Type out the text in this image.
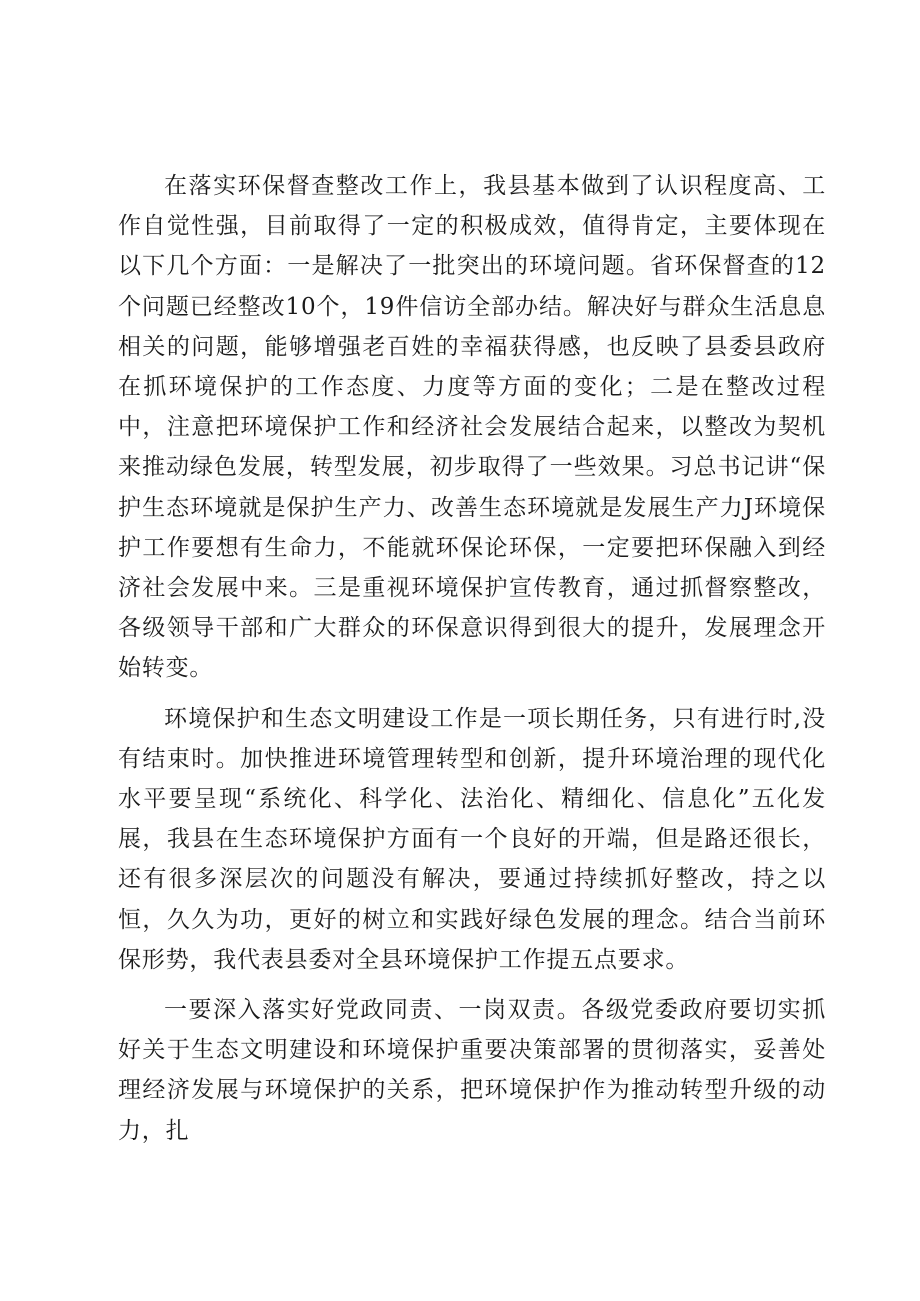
在落实环保督查整改工作上，我县基本做到了认识程度高、工作自觉性强，目前取得了一定的积极成效，值得肯定，主要体现在以下几个方面：一是解决了一批突出的环境问题。省环保督查的12个问题已经整改10个，19件信访全部办结。解决好与群众生活息息相关的问题，能够增强老百姓的幸福获得感，也反映了县委县政府在抓环境保护的工作态度、力度等方面的变化；二是在整改过程中，注意把环境保护工作和经济社会发展结合起来，以整改为契机来推动绿色发展，转型发展，初步取得了一些效果。习总书记讲“保护生态环境就是保护生产力、改善生态环境就是发展生产力J环境保护工作要想有生命力，不能就环保论环保，一定要把环保融入到经济社会发展中来。三是重视环境保护宣传教育，通过抓督察整改，各级领导干部和广大群众的环保意识得到很大的提升，发展理念开始转变。

环境保护和生态文明建设工作是一项长期任务，只有进行时,没有结束时。加快推进环境管理转型和创新，提升环境治理的现代化水平要呈现“系统化、科学化、法治化、精细化、信息化”五化发展，我县在生态环境保护方面有一个良好的开端，但是路还很长，还有很多深层次的问题没有解决，要通过持续抓好整改，持之以恒，久久为功，更好的树立和实践好绿色发展的理念。结合当前环保形势，我代表县委对全县环境保护工作提五点要求。

一要深入落实好党政同责、一岗双责。各级党委政府要切实抓好关于生态文明建设和环境保护重要决策部署的贯彻落实，妥善处理经济发展与环境保护的关系，把环境保护作为推动转型升级的动力，扎
